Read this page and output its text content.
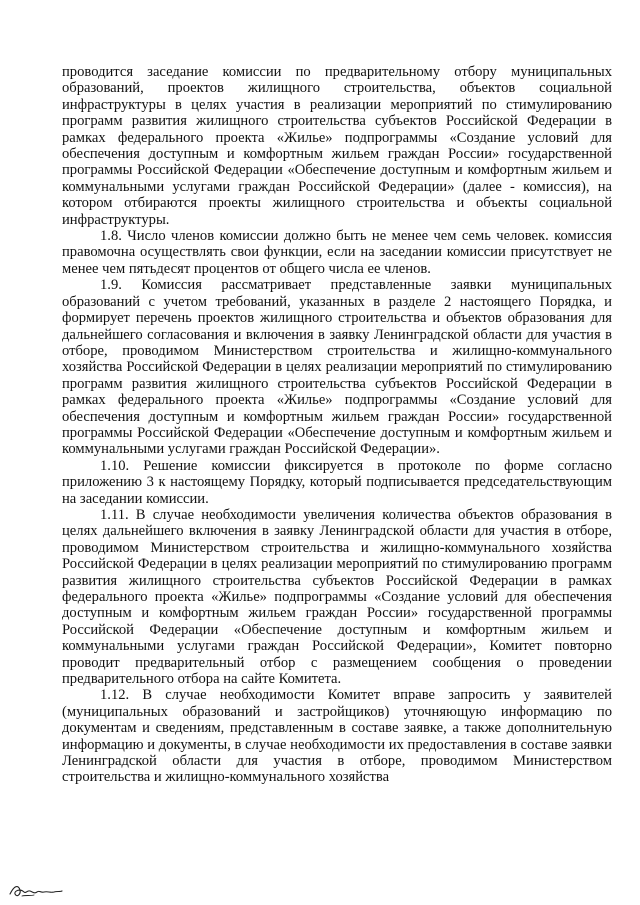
проводится заседание комиссии по предварительному отбору муниципальных образований, проектов жилищного строительства, объектов социальной инфраструктуры в целях участия в реализации мероприятий по стимулированию программ развития жилищного строительства субъектов Российской Федерации в рамках федерального проекта «Жилье» подпрограммы «Создание условий для обеспечения доступным и комфортным жильем граждан России» государственной программы Российской Федерации «Обеспечение доступным и комфортным жильем и коммунальными услугами граждан Российской Федерации» (далее - комиссия), на котором отбираются проекты жилищного строительства и объекты социальной инфраструктуры.

1.8. Число членов комиссии должно быть не менее чем семь человек. комиссия правомочна осуществлять свои функции, если на заседании комиссии присутствует не менее чем пятьдесят процентов от общего числа ее членов.

1.9. Комиссия рассматривает представленные заявки муниципальных образований с учетом требований, указанных в разделе 2 настоящего Порядка, и формирует перечень проектов жилищного строительства и объектов образования для дальнейшего согласования и включения в заявку Ленинградской области для участия в отборе, проводимом Министерством строительства и жилищно-коммунального хозяйства Российской Федерации в целях реализации мероприятий по стимулированию программ развития жилищного строительства субъектов Российской Федерации в рамках федерального проекта «Жилье» подпрограммы «Создание условий для обеспечения доступным и комфортным жильем граждан России» государственной программы Российской Федерации «Обеспечение доступным и комфортным жильем и коммунальными услугами граждан Российской Федерации».

1.10. Решение комиссии фиксируется в протоколе по форме согласно приложению 3 к настоящему Порядку, который подписывается председательствующим на заседании комиссии.

1.11. В случае необходимости увеличения количества объектов образования в целях дальнейшего включения в заявку Ленинградской области для участия в отборе, проводимом Министерством строительства и жилищно-коммунального хозяйства Российской Федерации в целях реализации мероприятий по стимулированию программ развития жилищного строительства субъектов Российской Федерации в рамках федерального проекта «Жилье» подпрограммы «Создание условий для обеспечения доступным и комфортным жильем граждан России» государственной программы Российской Федерации «Обеспечение доступным и комфортным жильем и коммунальными услугами граждан Российской Федерации», Комитет повторно проводит предварительный отбор с размещением сообщения о проведении предварительного отбора на сайте Комитета.

1.12. В случае необходимости Комитет вправе запросить у заявителей (муниципальных образований и застройщиков) уточняющую информацию по документам и сведениям, представленным в составе заявке, а также дополнительную информацию и документы, в случае необходимости их предоставления в составе заявки Ленинградской области для участия в отборе, проводимом Министерством строительства и жилищно-коммунального хозяйства
